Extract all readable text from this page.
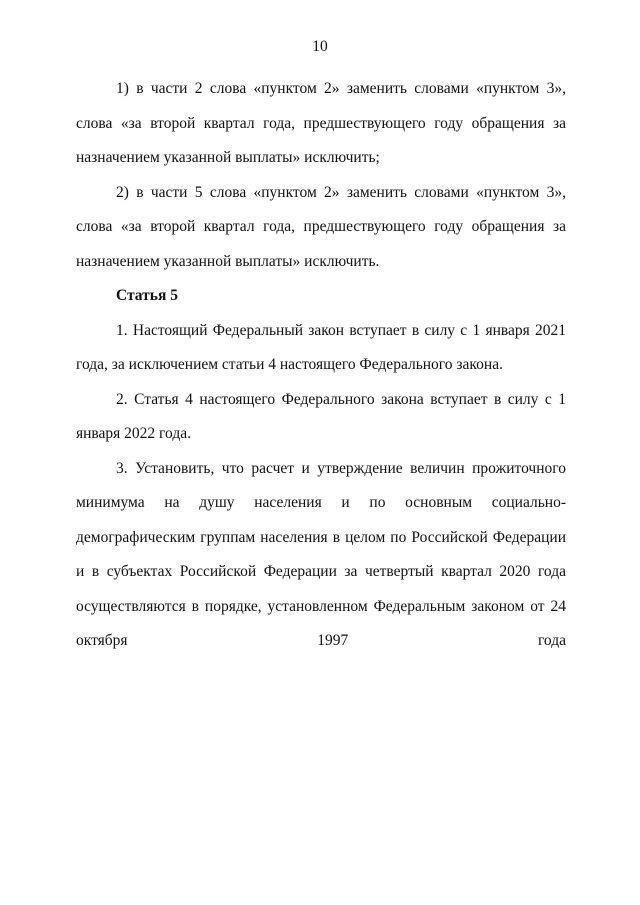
10

1) в части 2 слова «пунктом 2» заменить словами «пунктом 3», слова «за второй квартал года, предшествующего году обращения за назначением указанной выплаты» исключить;

2) в части 5 слова «пунктом 2» заменить словами «пунктом 3», слова «за второй квартал года, предшествующего году обращения за назначением указанной выплаты» исключить.

Статья 5

1. Настоящий Федеральный закон вступает в силу с 1 января 2021 года, за исключением статьи 4 настоящего Федерального закона.

2. Статья 4 настоящего Федерального закона вступает в силу с 1 января 2022 года.

3. Установить, что расчет и утверждение величин прожиточного минимума на душу населения и по основным социально-демографическим группам населения в целом по Российской Федерации и в субъектах Российской Федерации за четвертый квартал 2020 года осуществляются в порядке, установленном Федеральным законом от 24 октября 1997 года
